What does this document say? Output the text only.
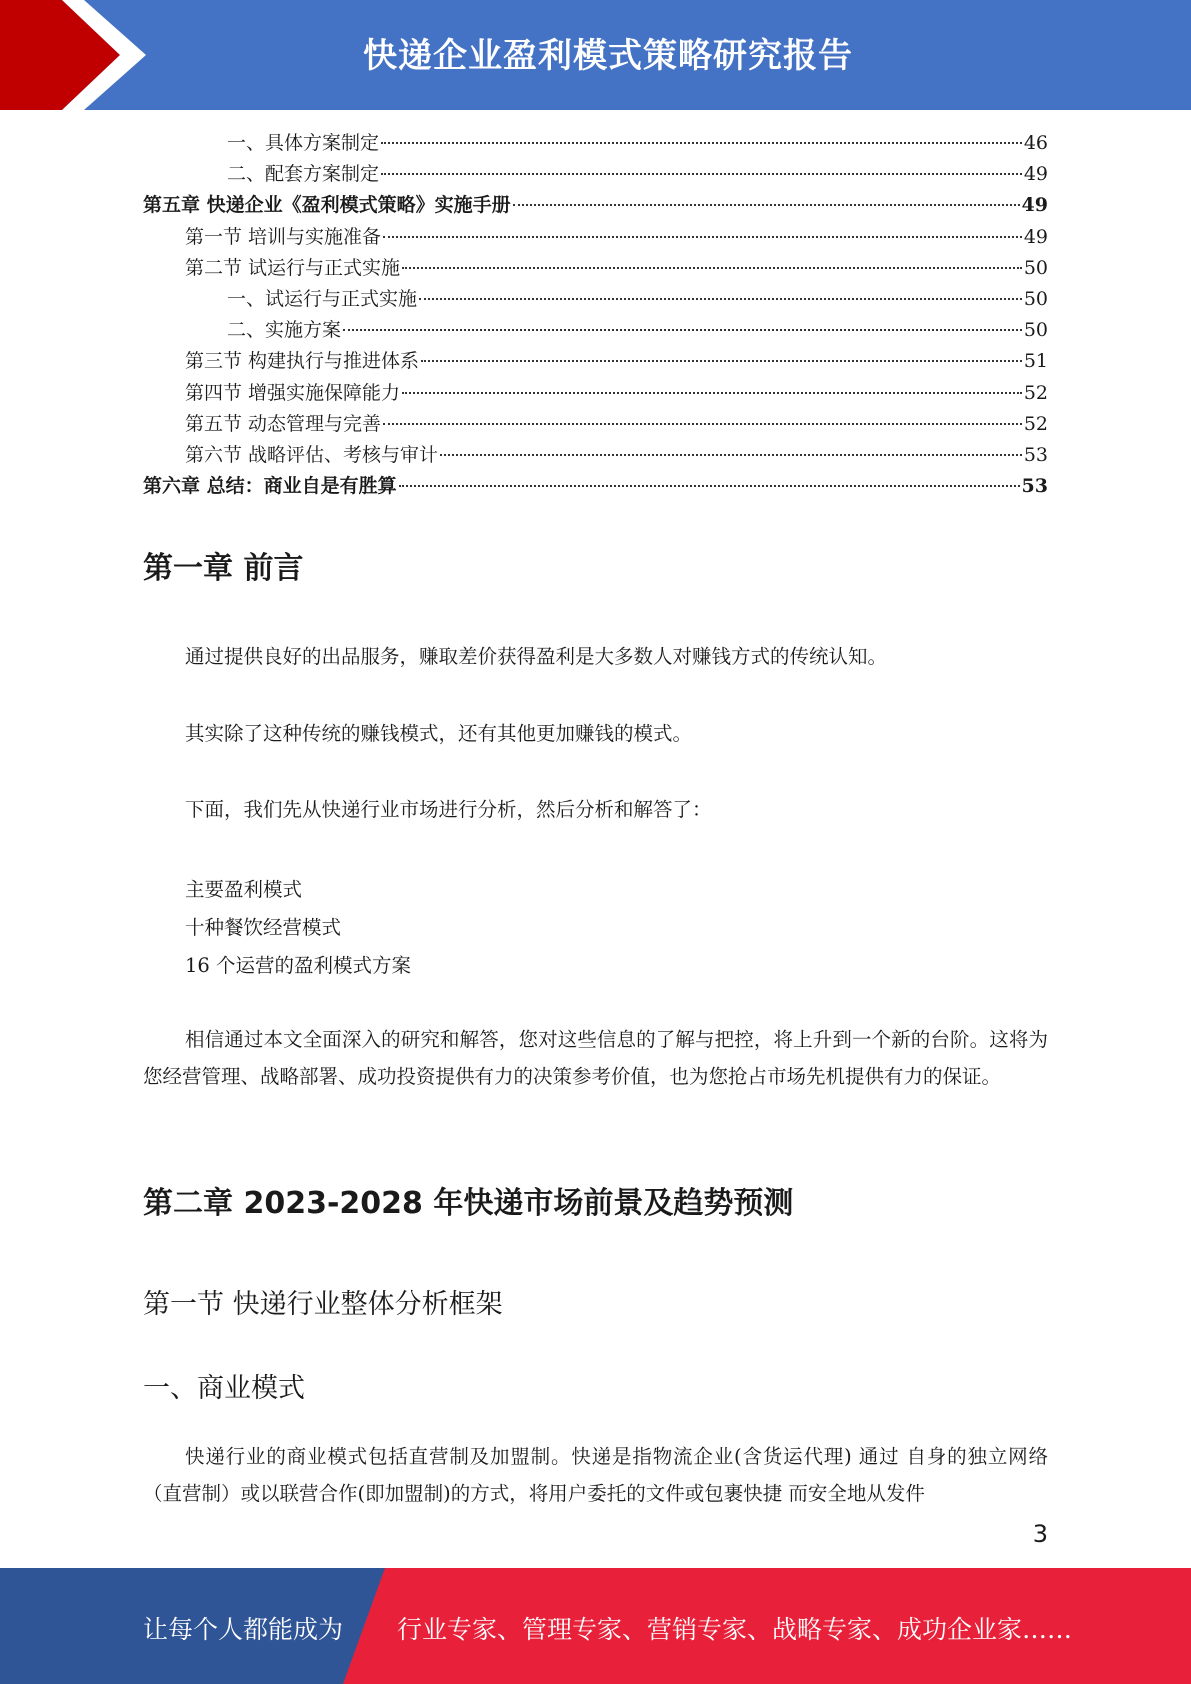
快递企业盈利模式策略研究报告
一、具体方案制定	46
二、配套方案制定	49
第五章 快递企业《盈利模式策略》实施手册	49
第一节 培训与实施准备	49
第二节 试运行与正式实施	50
一、试运行与正式实施	50
二、实施方案	50
第三节 构建执行与推进体系	51
第四节 增强实施保障能力	52
第五节 动态管理与完善	52
第六节 战略评估、考核与审计	53
第六章 总结：商业自是有胜算	53
第一章 前言

通过提供良好的出品服务，赚取差价获得盈利是大多数人对赚钱方式的传统认知。

其实除了这种传统的赚钱模式，还有其他更加赚钱的模式。

下面，我们先从快递行业市场进行分析，然后分析和解答了：

主要盈利模式
十种餐饮经营模式
16 个运营的盈利模式方案

相信通过本文全面深入的研究和解答，您对这些信息的了解与把控，将上升到一个新的台阶。这将为您经营管理、战略部署、成功投资提供有力的决策参考价值，也为您抢占市场先机提供有力的保证。

第二章 2023-2028 年快递市场前景及趋势预测
第一节 快递行业整体分析框架
一、商业模式

快递行业的商业模式包括直营制及加盟制。快递是指物流企业(含货运代理) 通过 自身的独立网络（直营制）或以联营合作(即加盟制)的方式，将用户委托的文件或包裹快捷 而安全地从发件

3
让每个人都能成为 行业专家、管理专家、营销专家、战略专家、成功企业家……
